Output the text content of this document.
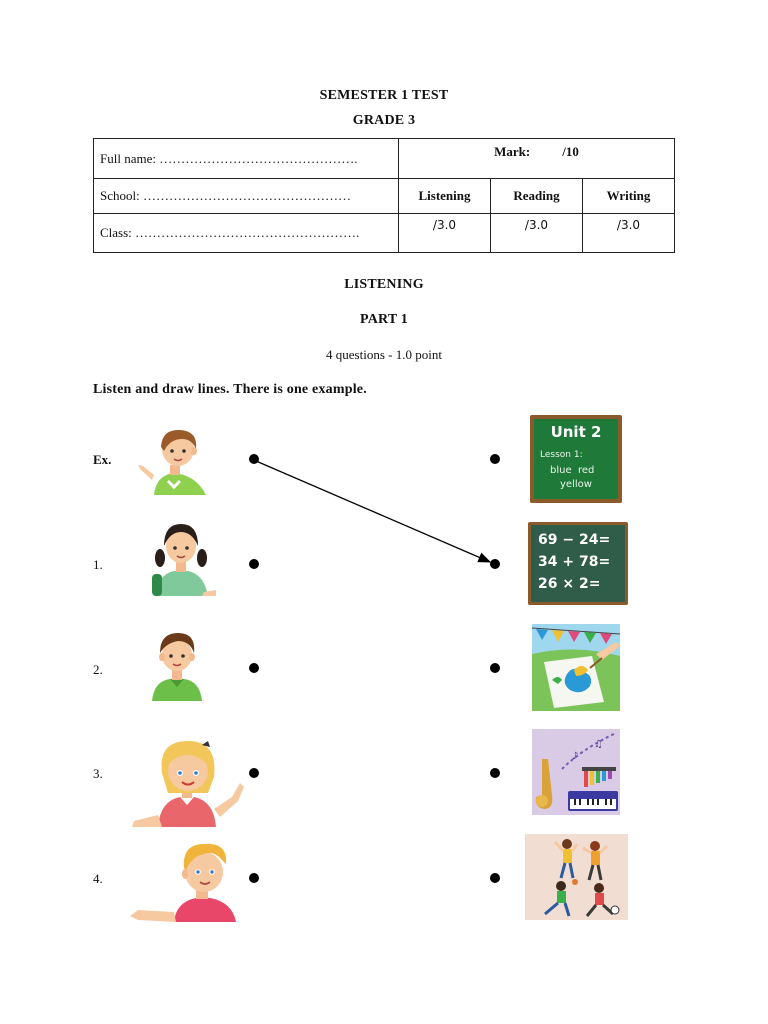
SEMESTER 1 TEST
GRADE 3
Full name: ……………………………………….	Mark: /10		
School: …………………………………………	Listening	Reading	Writing
Class: …………………………………………….	/3.0	/3.0	/3.0
LISTENING
PART 1
4 questions - 1.0 point
Listen and draw lines. There is one example.
Ex.
1.
2.
3.
4.
Unit 2
Lesson 1:
blue  red
yellow
69 − 24=
34 + 78=
26 × 2=
♪
♫
